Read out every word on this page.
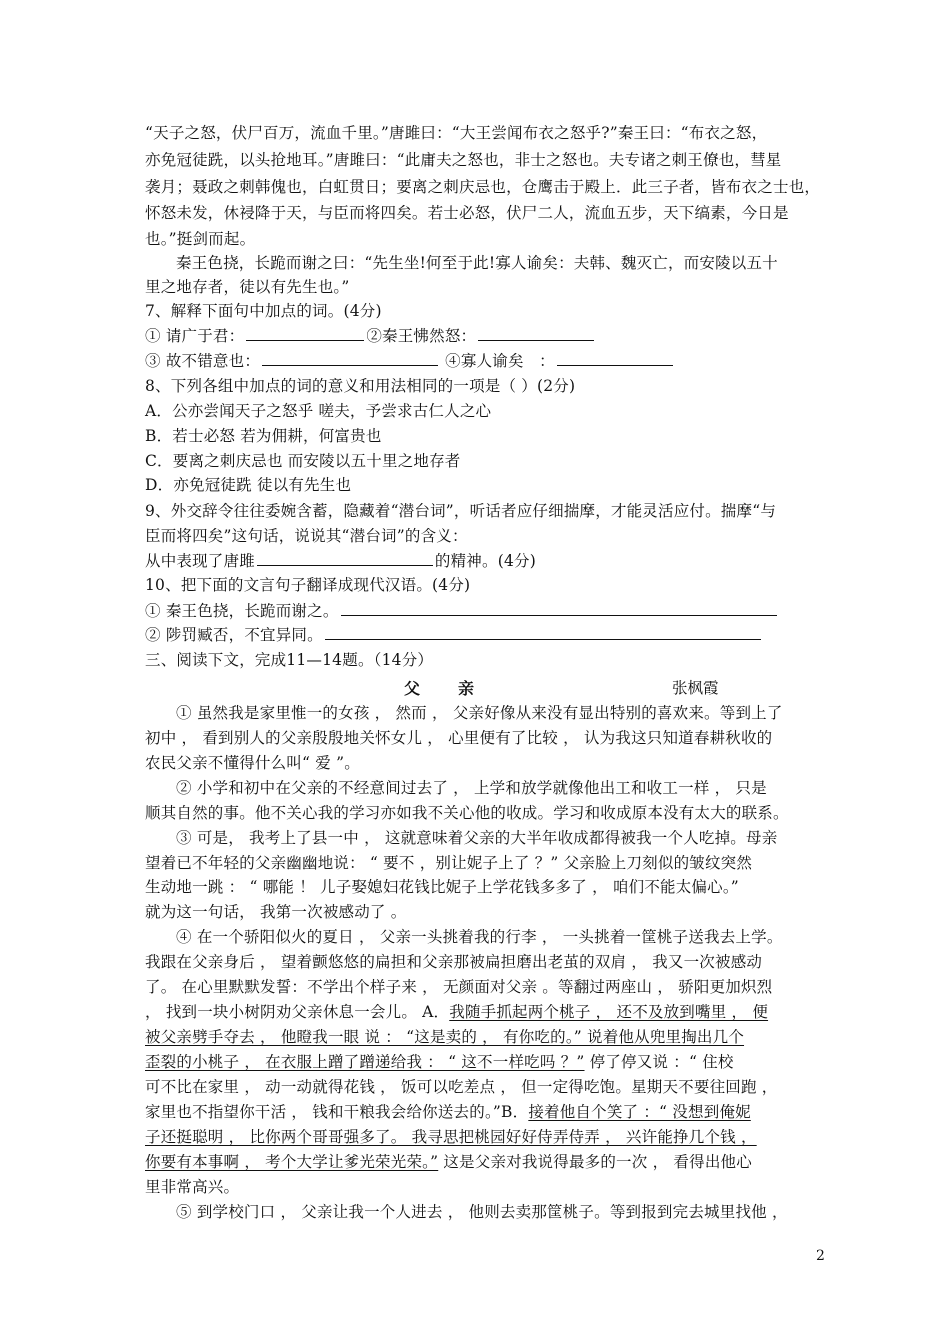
“天子之怒，伏尸百万，流血千里。”唐雎曰：“大王尝闻布衣之怒乎?”秦王曰：“布衣之怒，
亦免冠徒跣，以头抢地耳。”唐雎曰：“此庸夫之怒也，非士之怒也。夫专诸之刺王僚也，彗星
袭月；聂政之刺韩傀也，白虹贯日；要离之刺庆忌也，仓鹰击于殿上．此三子者，皆布衣之士也，
怀怒未发，休祲降于天，与臣而将四矣。若士必怒，伏尸二人，流血五步，天下缟素，今日是
也。”挺剑而起。
秦王色挠，长跪而谢之曰：“先生坐!何至于此!寡人谕矣：夫韩、魏灭亡，而安陵以五十
里之地存者，徒以有先生也。”
7、解释下面句中加点的词。(4分)
① 请广于君：	②秦王怫然怒：
③ 故不错意也：	④寡人谕矣 ：
8、下列各组中加点的词的意义和用法相同的一项是（ ）(2分)
A．公亦尝闻天子之怒乎 嗟夫，予尝求古仁人之心
B．若士必怒 若为佣耕，何富贵也
C．要离之刺庆忌也 而安陵以五十里之地存者
D．亦免冠徒跣 徒以有先生也
9、外交辞令往往委婉含蓄，隐藏着“潜台词”，听话者应仔细揣摩，才能灵活应付。揣摩“与
臣而将四矣”这句话，说说其“潜台词”的含义：
从中表现了唐雎	的精神。(4分)
10、把下面的文言句子翻译成现代汉语。(4分)
① 秦王色挠，长跪而谢之。
② 陟罚臧否，不宜异同。
三、阅读下文，完成11—14题。（14分）
父　　亲	张枫霞
① 虽然我是家里惟一的女孩 ， 然而 ， 父亲好像从来没有显出特别的喜欢来。等到上了
初中 ， 看到别人的父亲殷殷地关怀女儿 ， 心里便有了比较 ， 认为我这只知道春耕秋收的
农民父亲不懂得什么叫“ 爱 ”。
② 小学和初中在父亲的不经意间过去了 ， 上学和放学就像他出工和收工一样 ， 只是
顺其自然的事。他不关心我的学习亦如我不关心他的收成。学习和收成原本没有太大的联系。
③ 可是， 我考上了县一中 ， 这就意味着父亲的大半年收成都得被我一个人吃掉。母亲
望着已不年轻的父亲幽幽地说： “ 要不 ，别让妮子上了 ？” 父亲脸上刀刻似的皱纹突然
生动地一跳 ： “ 哪能 ！ 儿子娶媳妇花钱比妮子上学花钱多多了 ， 咱们不能太偏心。”
就为这一句话， 我第一次被感动了 。
④ 在一个骄阳似火的夏日 ， 父亲一头挑着我的行李 ， 一头挑着一筐桃子送我去上学。
我跟在父亲身后 ， 望着颤悠悠的扁担和父亲那被扁担磨出老茧的双肩 ， 我又一次被感动
了。 在心里默默发誓：不学出个样子来 ， 无颜面对父亲 。等翻过两座山 ， 骄阳更加炽烈
， 找到一块小树阴劝父亲休息一会儿。 A．我随手抓起两个桃子 ， 还不及放到嘴里 ， 便
被父亲劈手夺去 ， 他瞪我一眼 说 ： “这是卖的 ， 有你吃的。” 说着他从兜里掏出几个
歪裂的小桃子 ， 在衣服上蹭了蹭递给我 ： “ 这不一样吃吗 ？” 停了停又说 ：“ 住校
可不比在家里 ， 动一动就得花钱 ， 饭可以吃差点 ， 但一定得吃饱。星期天不要往回跑 ，
家里也不指望你干活 ， 钱和干粮我会给你送去的。”B．接着他自个笑了 ：“ 没想到俺妮
子还挺聪明 ， 比你两个哥哥强多了。 我寻思把桃园好好侍弄侍弄 ， 兴许能挣几个钱 ，
你要有本事啊 ， 考个大学让爹光荣光荣。” 这是父亲对我说得最多的一次 ， 看得出他心
里非常高兴。
⑤ 到学校门口 ， 父亲让我一个人进去 ， 他则去卖那筐桃子。等到报到完去城里找他 ，
2
